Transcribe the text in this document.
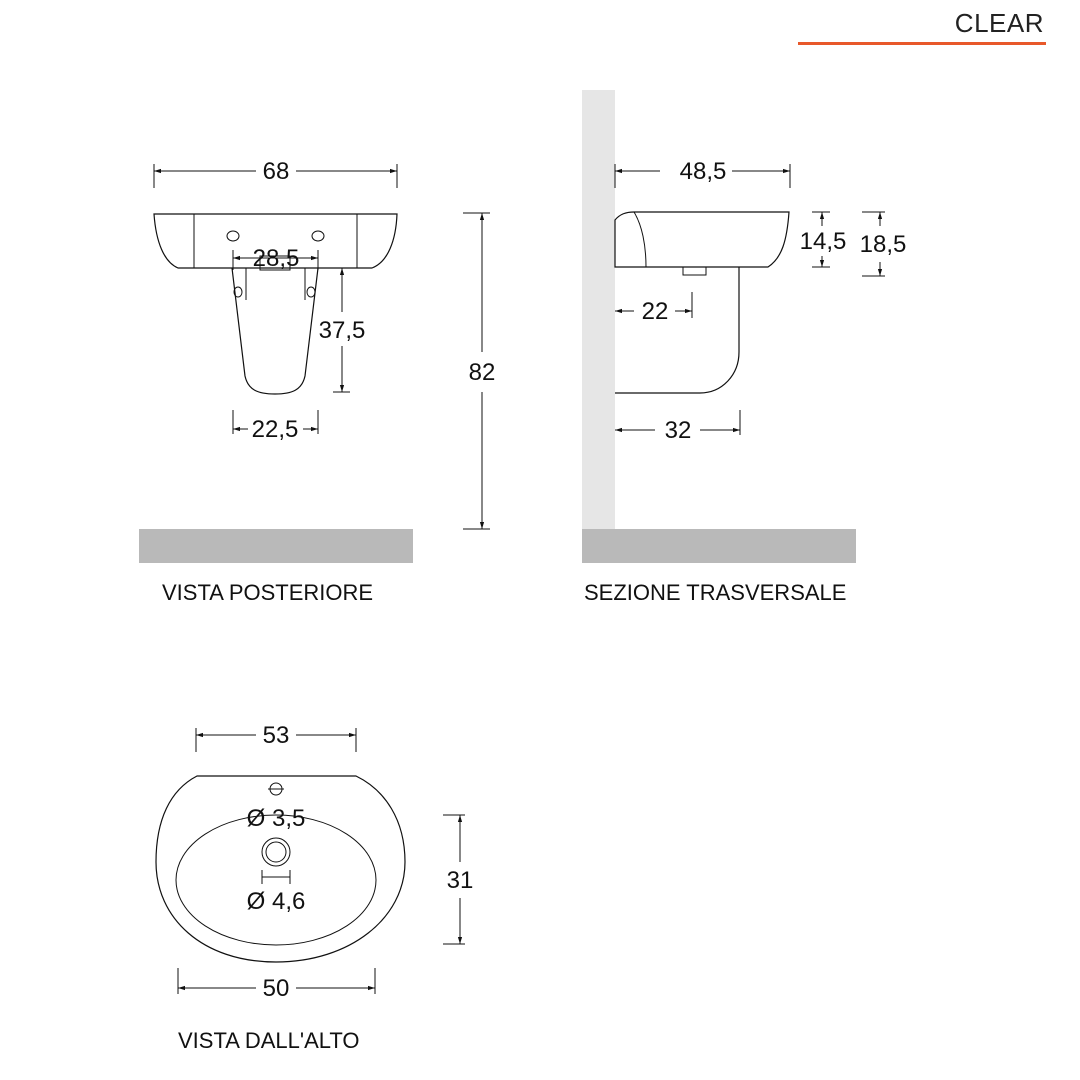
CLEAR
68
28,5
37,5
22,5
82
48,5
14,5 18,5
22
32
53
Ø 3,5
Ø 4,6
31
50
VISTA POSTERIORE	SEZIONE TRASVERSALE
VISTA DALL'ALTO
